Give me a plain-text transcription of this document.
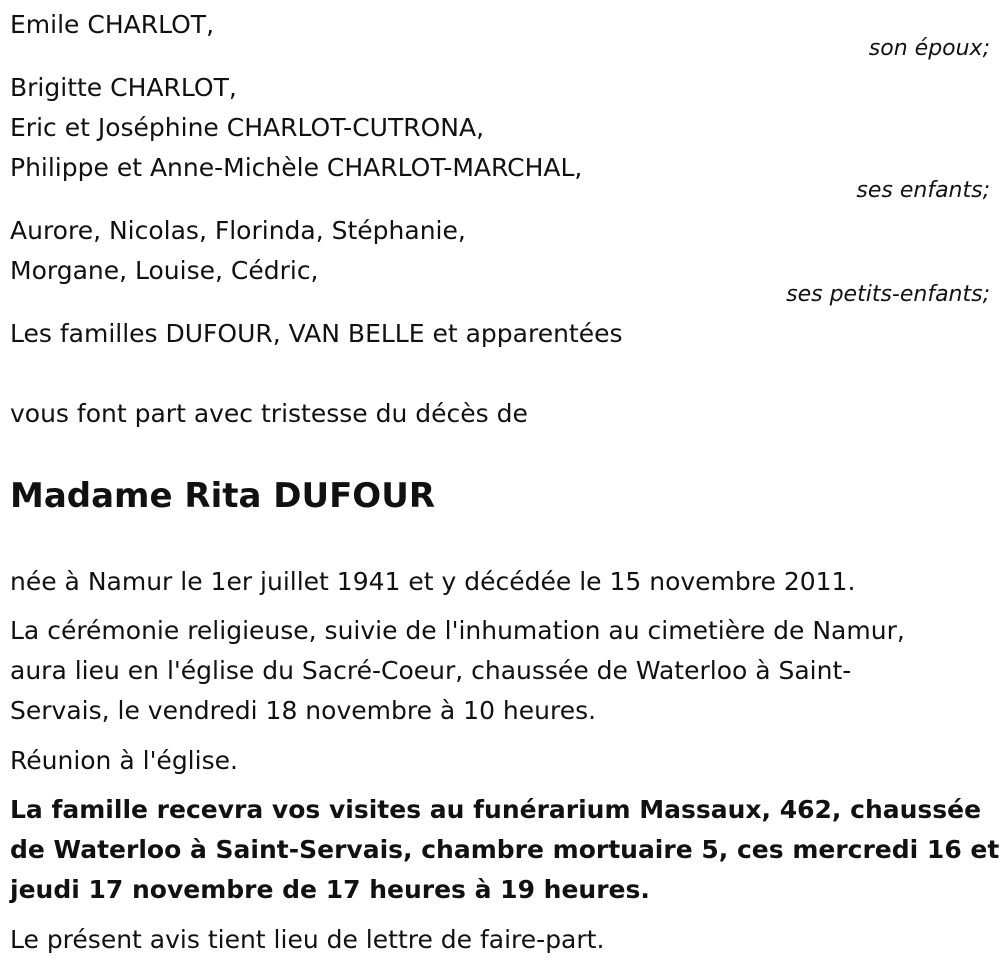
Emile CHARLOT,
son époux;
Brigitte CHARLOT,
Eric et Joséphine CHARLOT-CUTRONA,
Philippe et Anne-Michèle CHARLOT-MARCHAL,
ses enfants;
Aurore, Nicolas, Florinda, Stéphanie,
Morgane, Louise, Cédric,
ses petits-enfants;
Les familles DUFOUR, VAN BELLE et apparentées
vous font part avec tristesse du décès de
Madame Rita DUFOUR
née à Namur le 1er juillet 1941 et y décédée le 15 novembre 2011.
La cérémonie religieuse, suivie de l'inhumation au cimetière de Namur,
aura lieu en l'église du Sacré-Coeur, chaussée de Waterloo à Saint-
Servais, le vendredi 18 novembre à 10 heures.
Réunion à l'église.
La famille recevra vos visites au funérarium Massaux, 462, chaussée
de Waterloo à Saint-Servais, chambre mortuaire 5, ces mercredi 16 et
jeudi 17 novembre de 17 heures à 19 heures.
Le présent avis tient lieu de lettre de faire-part.
